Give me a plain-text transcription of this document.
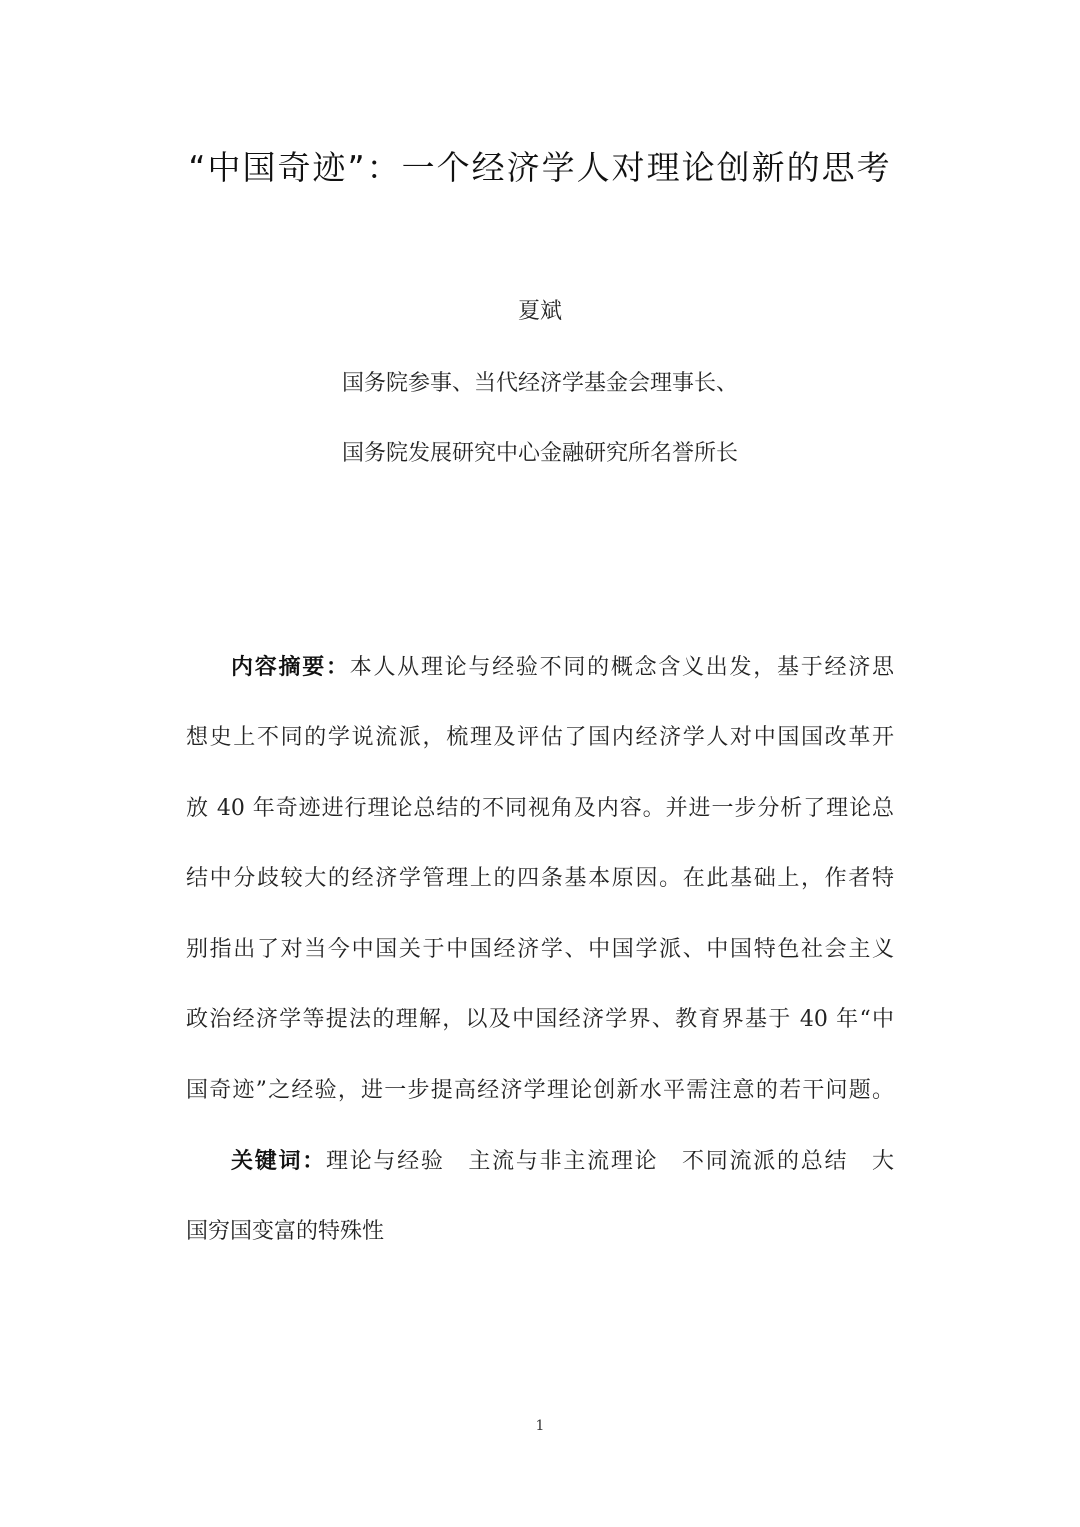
“中国奇迹”：一个经济学人对理论创新的思考
夏斌
国务院参事、当代经济学基金会理事长、
国务院发展研究中心金融研究所名誉所长
内容摘要：本人从理论与经验不同的概念含义出发，基于经济思
想史上不同的学说流派，梳理及评估了国内经济学人对中国国改革开
放 40 年奇迹进行理论总结的不同视角及内容。并进一步分析了理论总
结中分歧较大的经济学管理上的四条基本原因。在此基础上，作者特
别指出了对当今中国关于中国经济学、中国学派、中国特色社会主义
政治经济学等提法的理解，以及中国经济学界、教育界基于 40 年“中
国奇迹”之经验，进一步提高经济学理论创新水平需注意的若干问题。
关键词：理论与经验 主流与非主流理论 不同流派的总结 大
国穷国变富的特殊性
1
